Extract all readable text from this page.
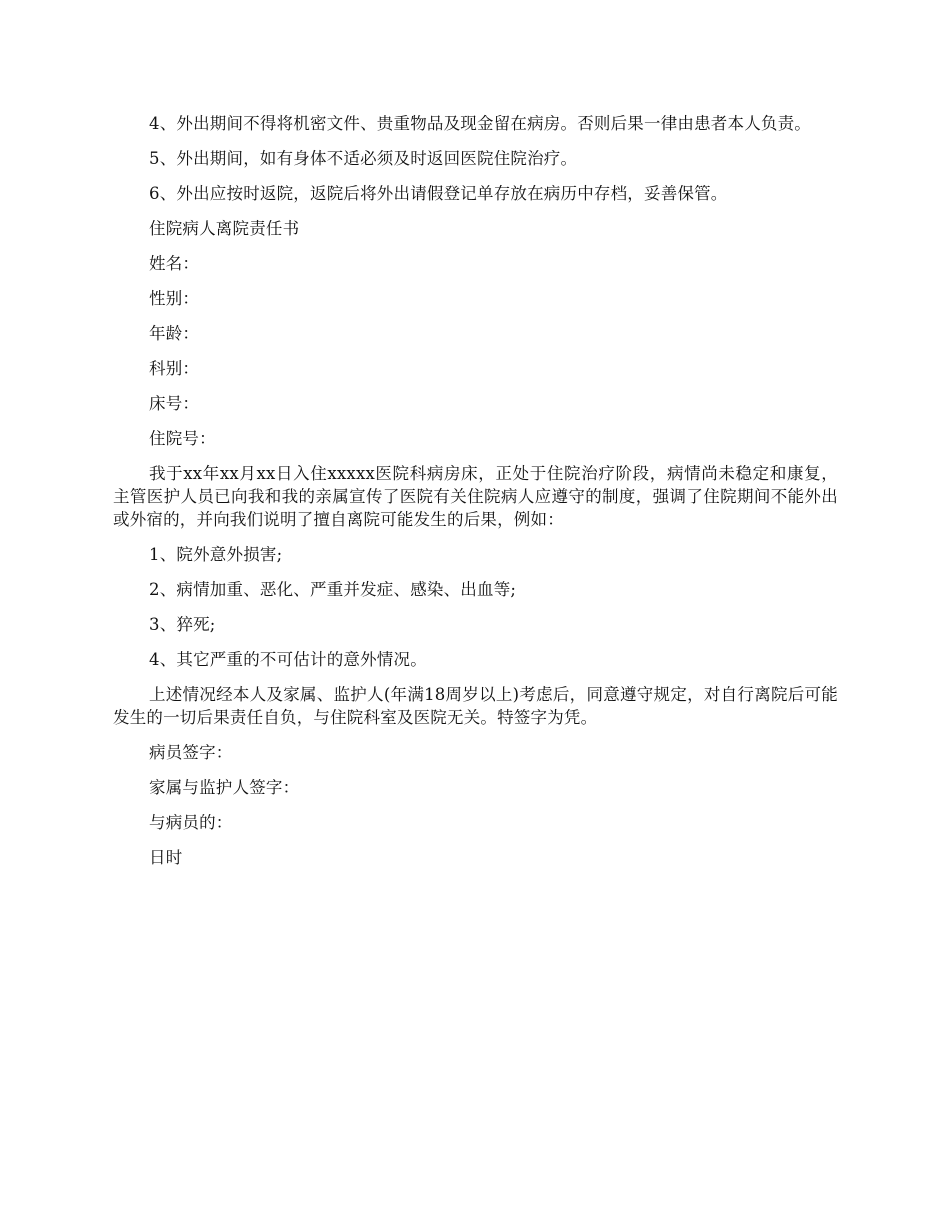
4、外出期间不得将机密文件、贵重物品及现金留在病房。否则后果一律由患者本人负责。

5、外出期间，如有身体不适必须及时返回医院住院治疗。

6、外出应按时返院，返院后将外出请假登记单存放在病历中存档，妥善保管。

住院病人离院责任书

姓名：

性别：

年龄：

科别：

床号：

住院号：

我于xx年xx月xx日入住xxxxx医院科病房床，正处于住院治疗阶段，病情尚未稳定和康复，主管医护人员已向我和我的亲属宣传了医院有关住院病人应遵守的制度，强调了住院期间不能外出或外宿的，并向我们说明了擅自离院可能发生的后果，例如：

1、院外意外损害;

2、病情加重、恶化、严重并发症、感染、出血等;

3、猝死;

4、其它严重的不可估计的意外情况。

上述情况经本人及家属、监护人(年满18周岁以上)考虑后，同意遵守规定，对自行离院后可能发生的一切后果责任自负，与住院科室及医院无关。特签字为凭。

病员签字：

家属与监护人签字：

与病员的：

日时
